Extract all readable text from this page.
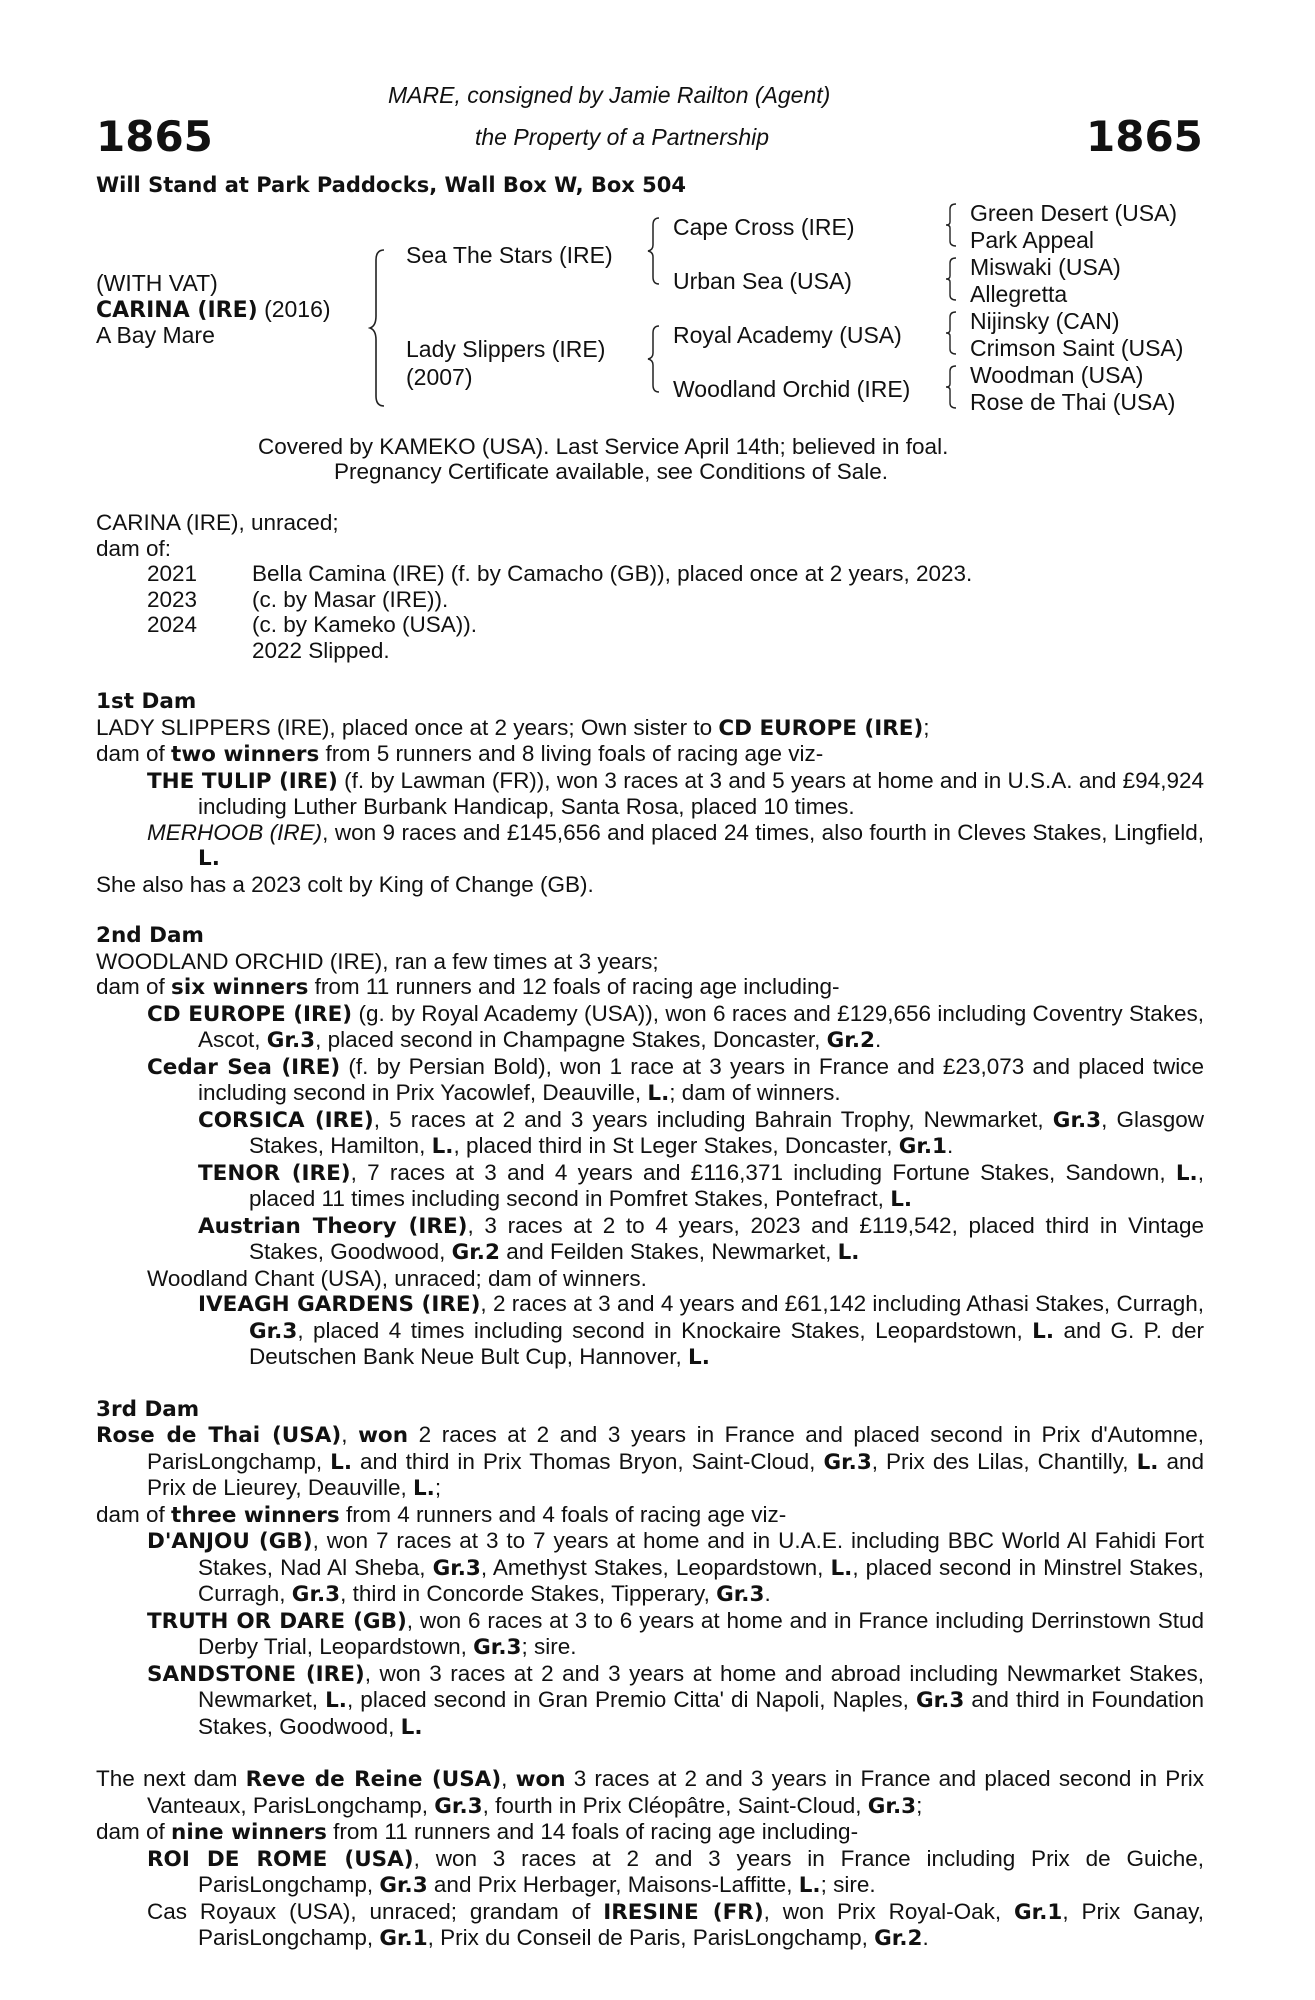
1865	1865
MARE, consigned by Jamie Railton (Agent)
the Property of a Partnership
Will Stand at Park Paddocks, Wall Box W, Box 504
(WITH VAT)
CARINA (IRE) (2016)
A Bay Mare
Sea The Stars (IRE)
Lady Slippers (IRE)
(2007)
Cape Cross (IRE)
Urban Sea (USA)
Royal Academy (USA)
Woodland Orchid (IRE)
Green Desert (USA)
Park Appeal
Miswaki (USA)
Allegretta
Nijinsky (CAN)
Crimson Saint (USA)
Woodman (USA)
Rose de Thai (USA)
Covered by KAMEKO (USA). Last Service April 14th; believed in foal.
Pregnancy Certificate available, see Conditions of Sale.
CARINA (IRE), unraced;
dam of:
2021	Bella Camina (IRE) (f. by Camacho (GB)), placed once at 2 years, 2023.
2023	(c. by Masar (IRE)).
2024	(c. by Kameko (USA)).
2022 Slipped.
1st Dam
LADY SLIPPERS (IRE), placed once at 2 years; Own sister to CD EUROPE (IRE);
dam of two winners from 5 runners and 8 living foals of racing age viz-
THE TULIP (IRE) (f. by Lawman (FR)), won 3 races at 3 and 5 years at home and in U.S.A. and £94,924 including Luther Burbank Handicap, Santa Rosa, placed 10 times.
MERHOOB (IRE), won 9 races and £145,656 and placed 24 times, also fourth in Cleves Stakes, Lingfield, L.
She also has a 2023 colt by King of Change (GB).
2nd Dam
WOODLAND ORCHID (IRE), ran a few times at 3 years;
dam of six winners from 11 runners and 12 foals of racing age including-
CD EUROPE (IRE) (g. by Royal Academy (USA)), won 6 races and £129,656 including Coventry Stakes, Ascot, Gr.3, placed second in Champagne Stakes, Doncaster, Gr.2.
Cedar Sea (IRE) (f. by Persian Bold), won 1 race at 3 years in France and £23,073 and placed twice including second in Prix Yacowlef, Deauville, L.; dam of winners.
CORSICA (IRE), 5 races at 2 and 3 years including Bahrain Trophy, Newmarket, Gr.3, Glasgow Stakes, Hamilton, L., placed third in St Leger Stakes, Doncaster, Gr.1.
TENOR (IRE), 7 races at 3 and 4 years and £116,371 including Fortune Stakes, Sandown, L., placed 11 times including second in Pomfret Stakes, Pontefract, L.
Austrian Theory (IRE), 3 races at 2 to 4 years, 2023 and £119,542, placed third in Vintage Stakes, Goodwood, Gr.2 and Feilden Stakes, Newmarket, L.
Woodland Chant (USA), unraced; dam of winners.
IVEAGH GARDENS (IRE), 2 races at 3 and 4 years and £61,142 including Athasi Stakes, Curragh, Gr.3, placed 4 times including second in Knockaire Stakes, Leopardstown, L. and G. P. der Deutschen Bank Neue Bult Cup, Hannover, L.
3rd Dam
Rose de Thai (USA), won 2 races at 2 and 3 years in France and placed second in Prix d'Automne, ParisLongchamp, L. and third in Prix Thomas Bryon, Saint-Cloud, Gr.3, Prix des Lilas, Chantilly, L. and Prix de Lieurey, Deauville, L.;
dam of three winners from 4 runners and 4 foals of racing age viz-
D'ANJOU (GB), won 7 races at 3 to 7 years at home and in U.A.E. including BBC World Al Fahidi Fort Stakes, Nad Al Sheba, Gr.3, Amethyst Stakes, Leopardstown, L., placed second in Minstrel Stakes, Curragh, Gr.3, third in Concorde Stakes, Tipperary, Gr.3.
TRUTH OR DARE (GB), won 6 races at 3 to 6 years at home and in France including Derrinstown Stud Derby Trial, Leopardstown, Gr.3; sire.
SANDSTONE (IRE), won 3 races at 2 and 3 years at home and abroad including Newmarket Stakes, Newmarket, L., placed second in Gran Premio Citta' di Napoli, Naples, Gr.3 and third in Foundation Stakes, Goodwood, L.
The next dam Reve de Reine (USA), won 3 races at 2 and 3 years in France and placed second in Prix Vanteaux, ParisLongchamp, Gr.3, fourth in Prix Cléopâtre, Saint-Cloud, Gr.3;
dam of nine winners from 11 runners and 14 foals of racing age including-
ROI DE ROME (USA), won 3 races at 2 and 3 years in France including Prix de Guiche, ParisLongchamp, Gr.3 and Prix Herbager, Maisons-Laffitte, L.; sire.
Cas Royaux (USA), unraced; grandam of IRESINE (FR), won Prix Royal-Oak, Gr.1, Prix Ganay, ParisLongchamp, Gr.1, Prix du Conseil de Paris, ParisLongchamp, Gr.2.
